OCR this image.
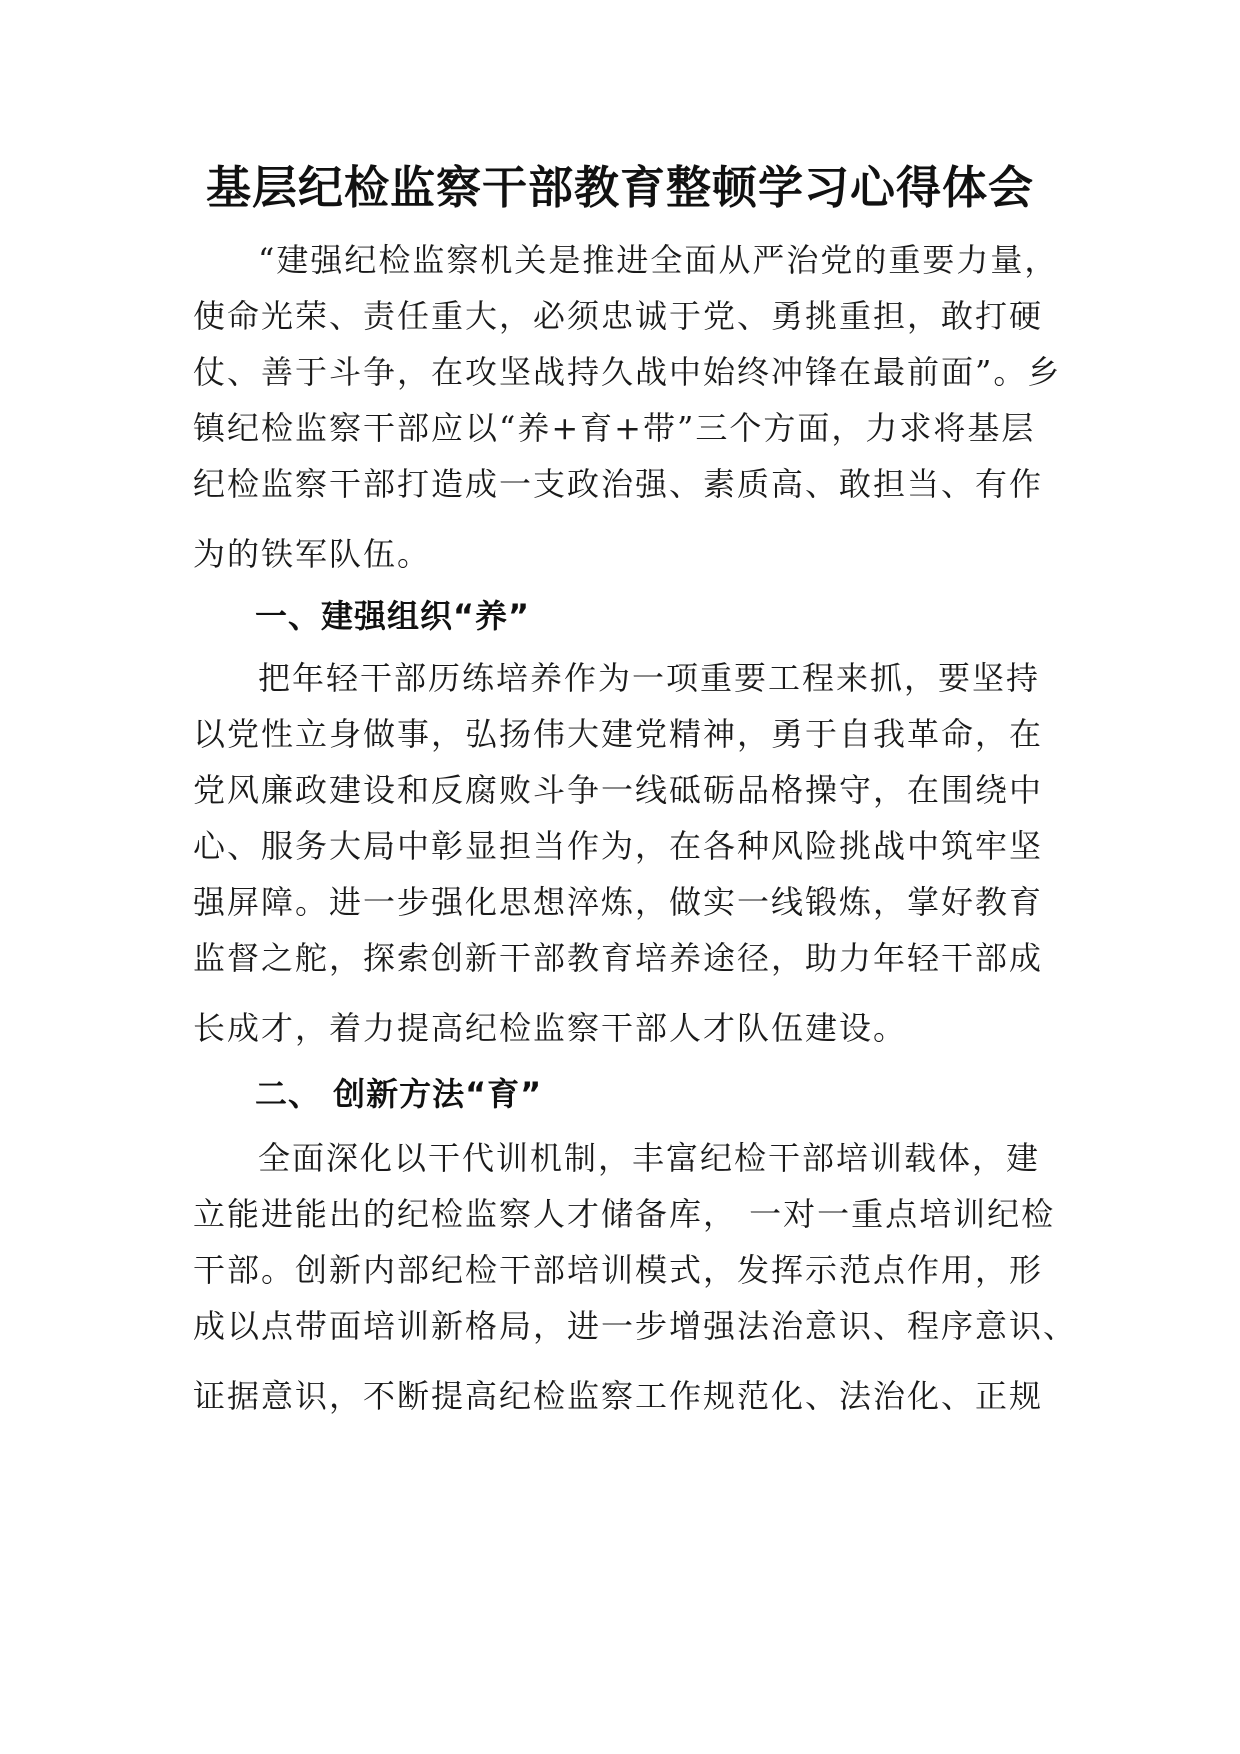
基层纪检监察干部教育整顿学习心得体会
“建强纪检监察机关是推进全面从严治党的重要力量，
使命光荣、责任重大，必须忠诚于党、勇挑重担，敢打硬
仗、善于斗争，在攻坚战持久战中始终冲锋在最前面”。乡
镇纪检监察干部应以“养+育+带”三个方面，力求将基层
纪检监察干部打造成一支政治强、素质高、敢担当、有作
为的铁军队伍。
一、建强组织“养”
把年轻干部历练培养作为一项重要工程来抓，要坚持
以党性立身做事，弘扬伟大建党精神，勇于自我革命，在
党风廉政建设和反腐败斗争一线砥砺品格操守，在围绕中
心、服务大局中彰显担当作为，在各种风险挑战中筑牢坚
强屏障。进一步强化思想淬炼，做实一线锻炼，掌好教育
监督之舵，探索创新干部教育培养途径，助力年轻干部成
长成才，着力提高纪检监察干部人才队伍建设。
二、 创新方法“育”
全面深化以干代训机制，丰富纪检干部培训载体，建
立能进能出的纪检监察人才储备库， 一对一重点培训纪检
干部。创新内部纪检干部培训模式，发挥示范点作用，形
成以点带面培训新格局，进一步增强法治意识、程序意识、
证据意识，不断提高纪检监察工作规范化、法治化、正规
